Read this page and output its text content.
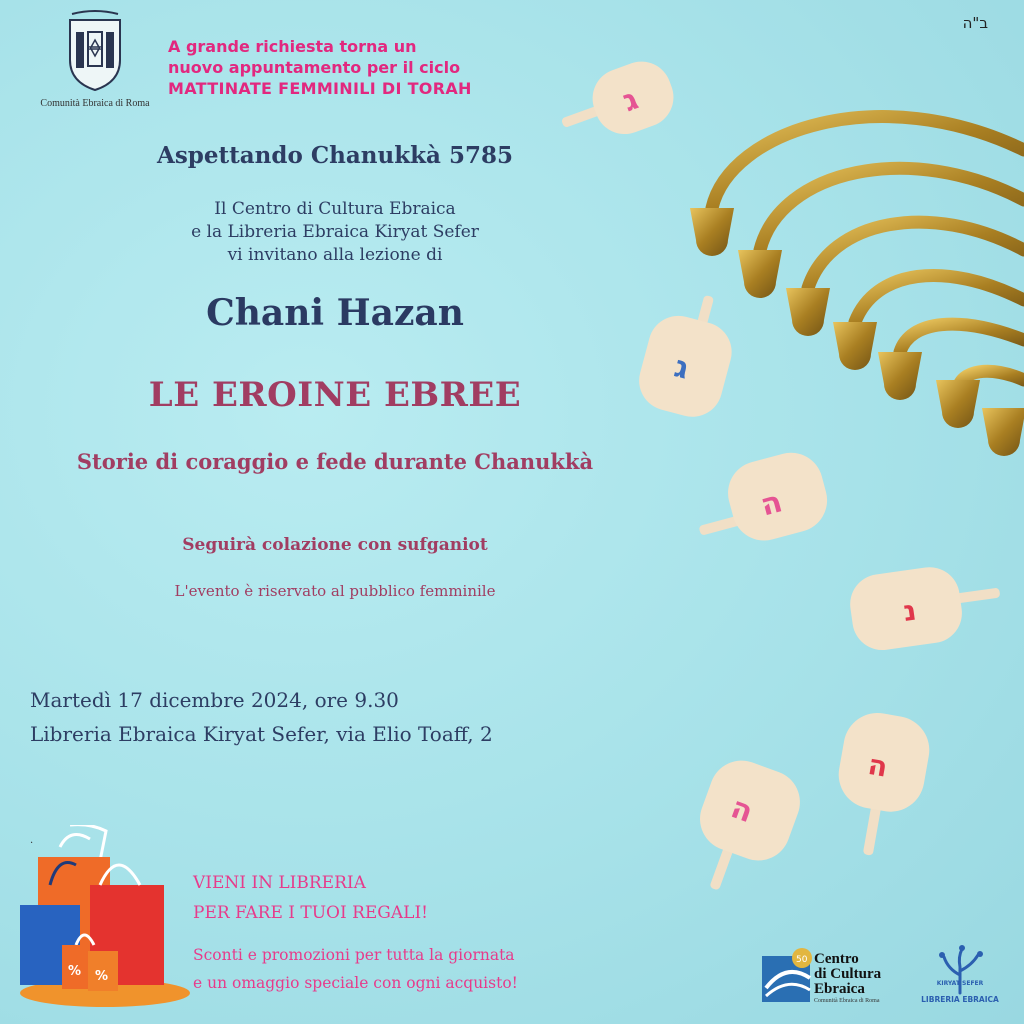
ג
ג
ה
נ
ה
ה
% %
ב"ה
Comunità Ebraica di Roma
A grande richiesta torna un
nuovo appuntamento per il ciclo
MATTINATE FEMMINILI DI TORAH
Aspettando Chanukkà 5785
Il Centro di Cultura Ebraica
e la Libreria Ebraica Kiryat Sefer
vi invitano alla lezione di
Chani Hazan
LE EROINE EBREE
Storie di coraggio e fede durante Chanukkà
Seguirà colazione con sufganiot
L'evento è riservato al pubblico femminile
Martedì 17 dicembre 2024, ore 9.30
Libreria Ebraica Kiryat Sefer, via Elio Toaff, 2
.
VIENI IN LIBRERIA
PER FARE I TUOI REGALI!
Sconti e promozioni per tutta la giornata
e un omaggio speciale con ogni acquisto!
50 Centro
di Cultura
Ebraica
Comunità Ebraica di Roma
KIRYAT SEFER
LIBRERIA EBRAICA
